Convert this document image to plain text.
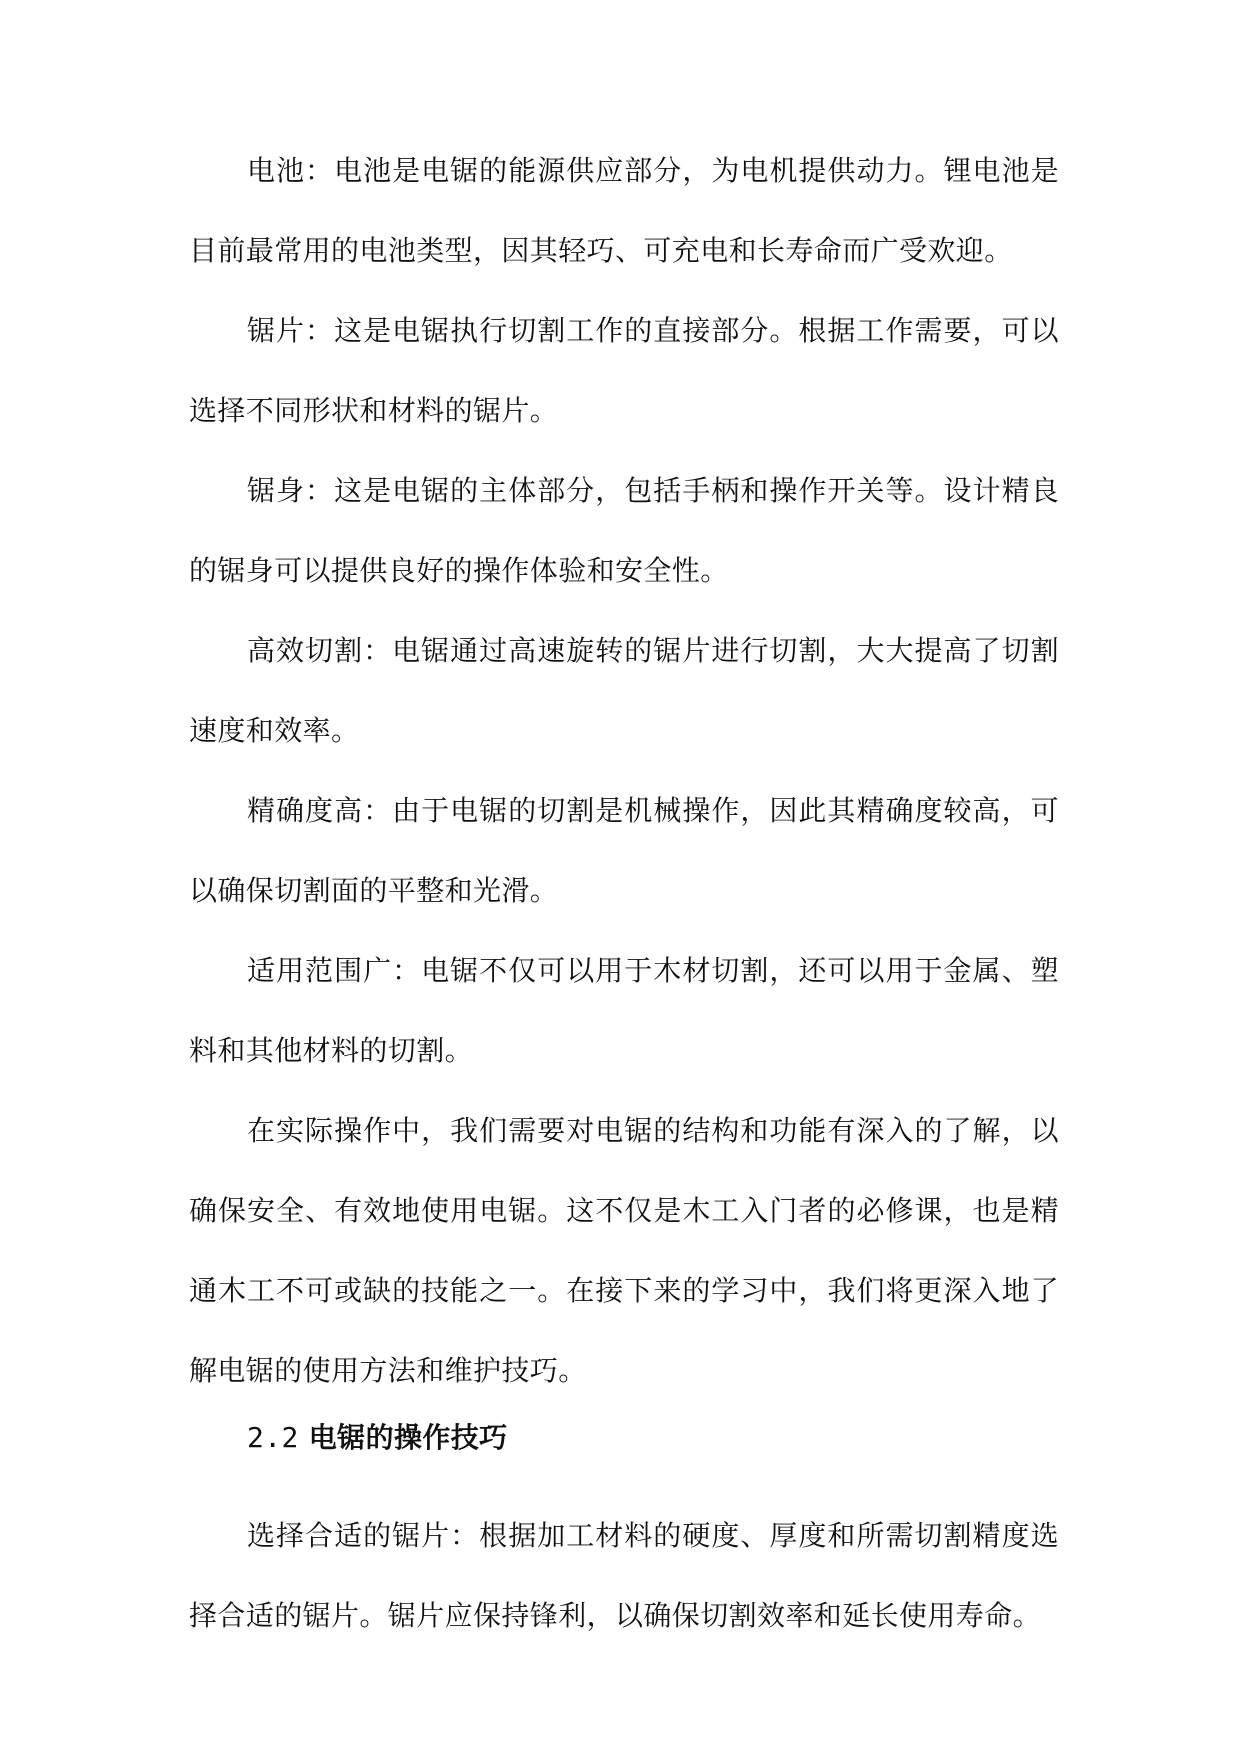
电池：电池是电锯的能源供应部分，为电机提供动力。锂电池是目前最常用的电池类型，因其轻巧、可充电和长寿命而广受欢迎。

锯片：这是电锯执行切割工作的直接部分。根据工作需要，可以选择不同形状和材料的锯片。

锯身：这是电锯的主体部分，包括手柄和操作开关等。设计精良的锯身可以提供良好的操作体验和安全性。

高效切割：电锯通过高速旋转的锯片进行切割，大大提高了切割速度和效率。

精确度高：由于电锯的切割是机械操作，因此其精确度较高，可以确保切割面的平整和光滑。

适用范围广：电锯不仅可以用于木材切割，还可以用于金属、塑料和其他材料的切割。

在实际操作中，我们需要对电锯的结构和功能有深入的了解，以确保安全、有效地使用电锯。这不仅是木工入门者的必修课，也是精通木工不可或缺的技能之一。在接下来的学习中，我们将更深入地了解电锯的使用方法和维护技巧。

2.2 电锯的操作技巧

选择合适的锯片：根据加工材料的硬度、厚度和所需切割精度选择合适的锯片。锯片应保持锋利，以确保切割效率和延长使用寿命。
